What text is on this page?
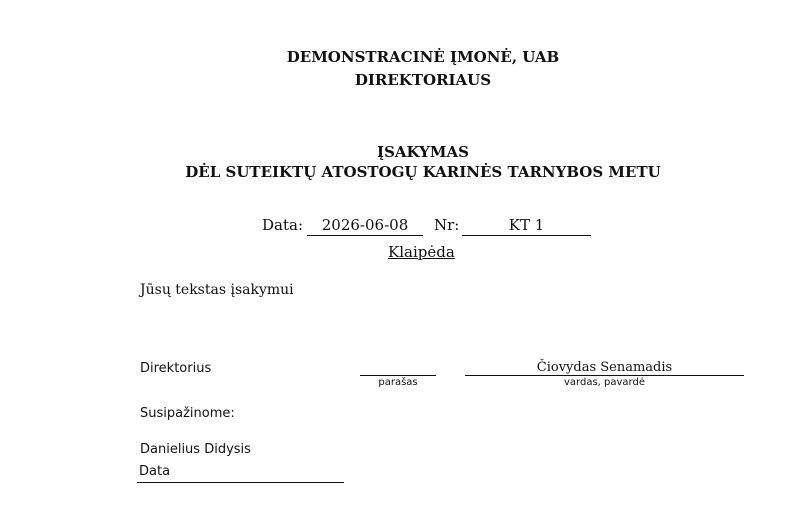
DEMONSTRACINĖ ĮMONĖ, UAB
DIREKTORIAUS
ĮSAKYMAS
DĖL SUTEIKTŲ ATOSTOGŲ KARINĖS TARNYBOS METU
Data:	2026-06-08	Nr:	KT 1
Klaipėda
Jūsų tekstas įsakymui
Direktorius
parašas
Čiovydas Senamadis
vardas, pavardė
Susipažinome:
Danielius Didysis
Data
